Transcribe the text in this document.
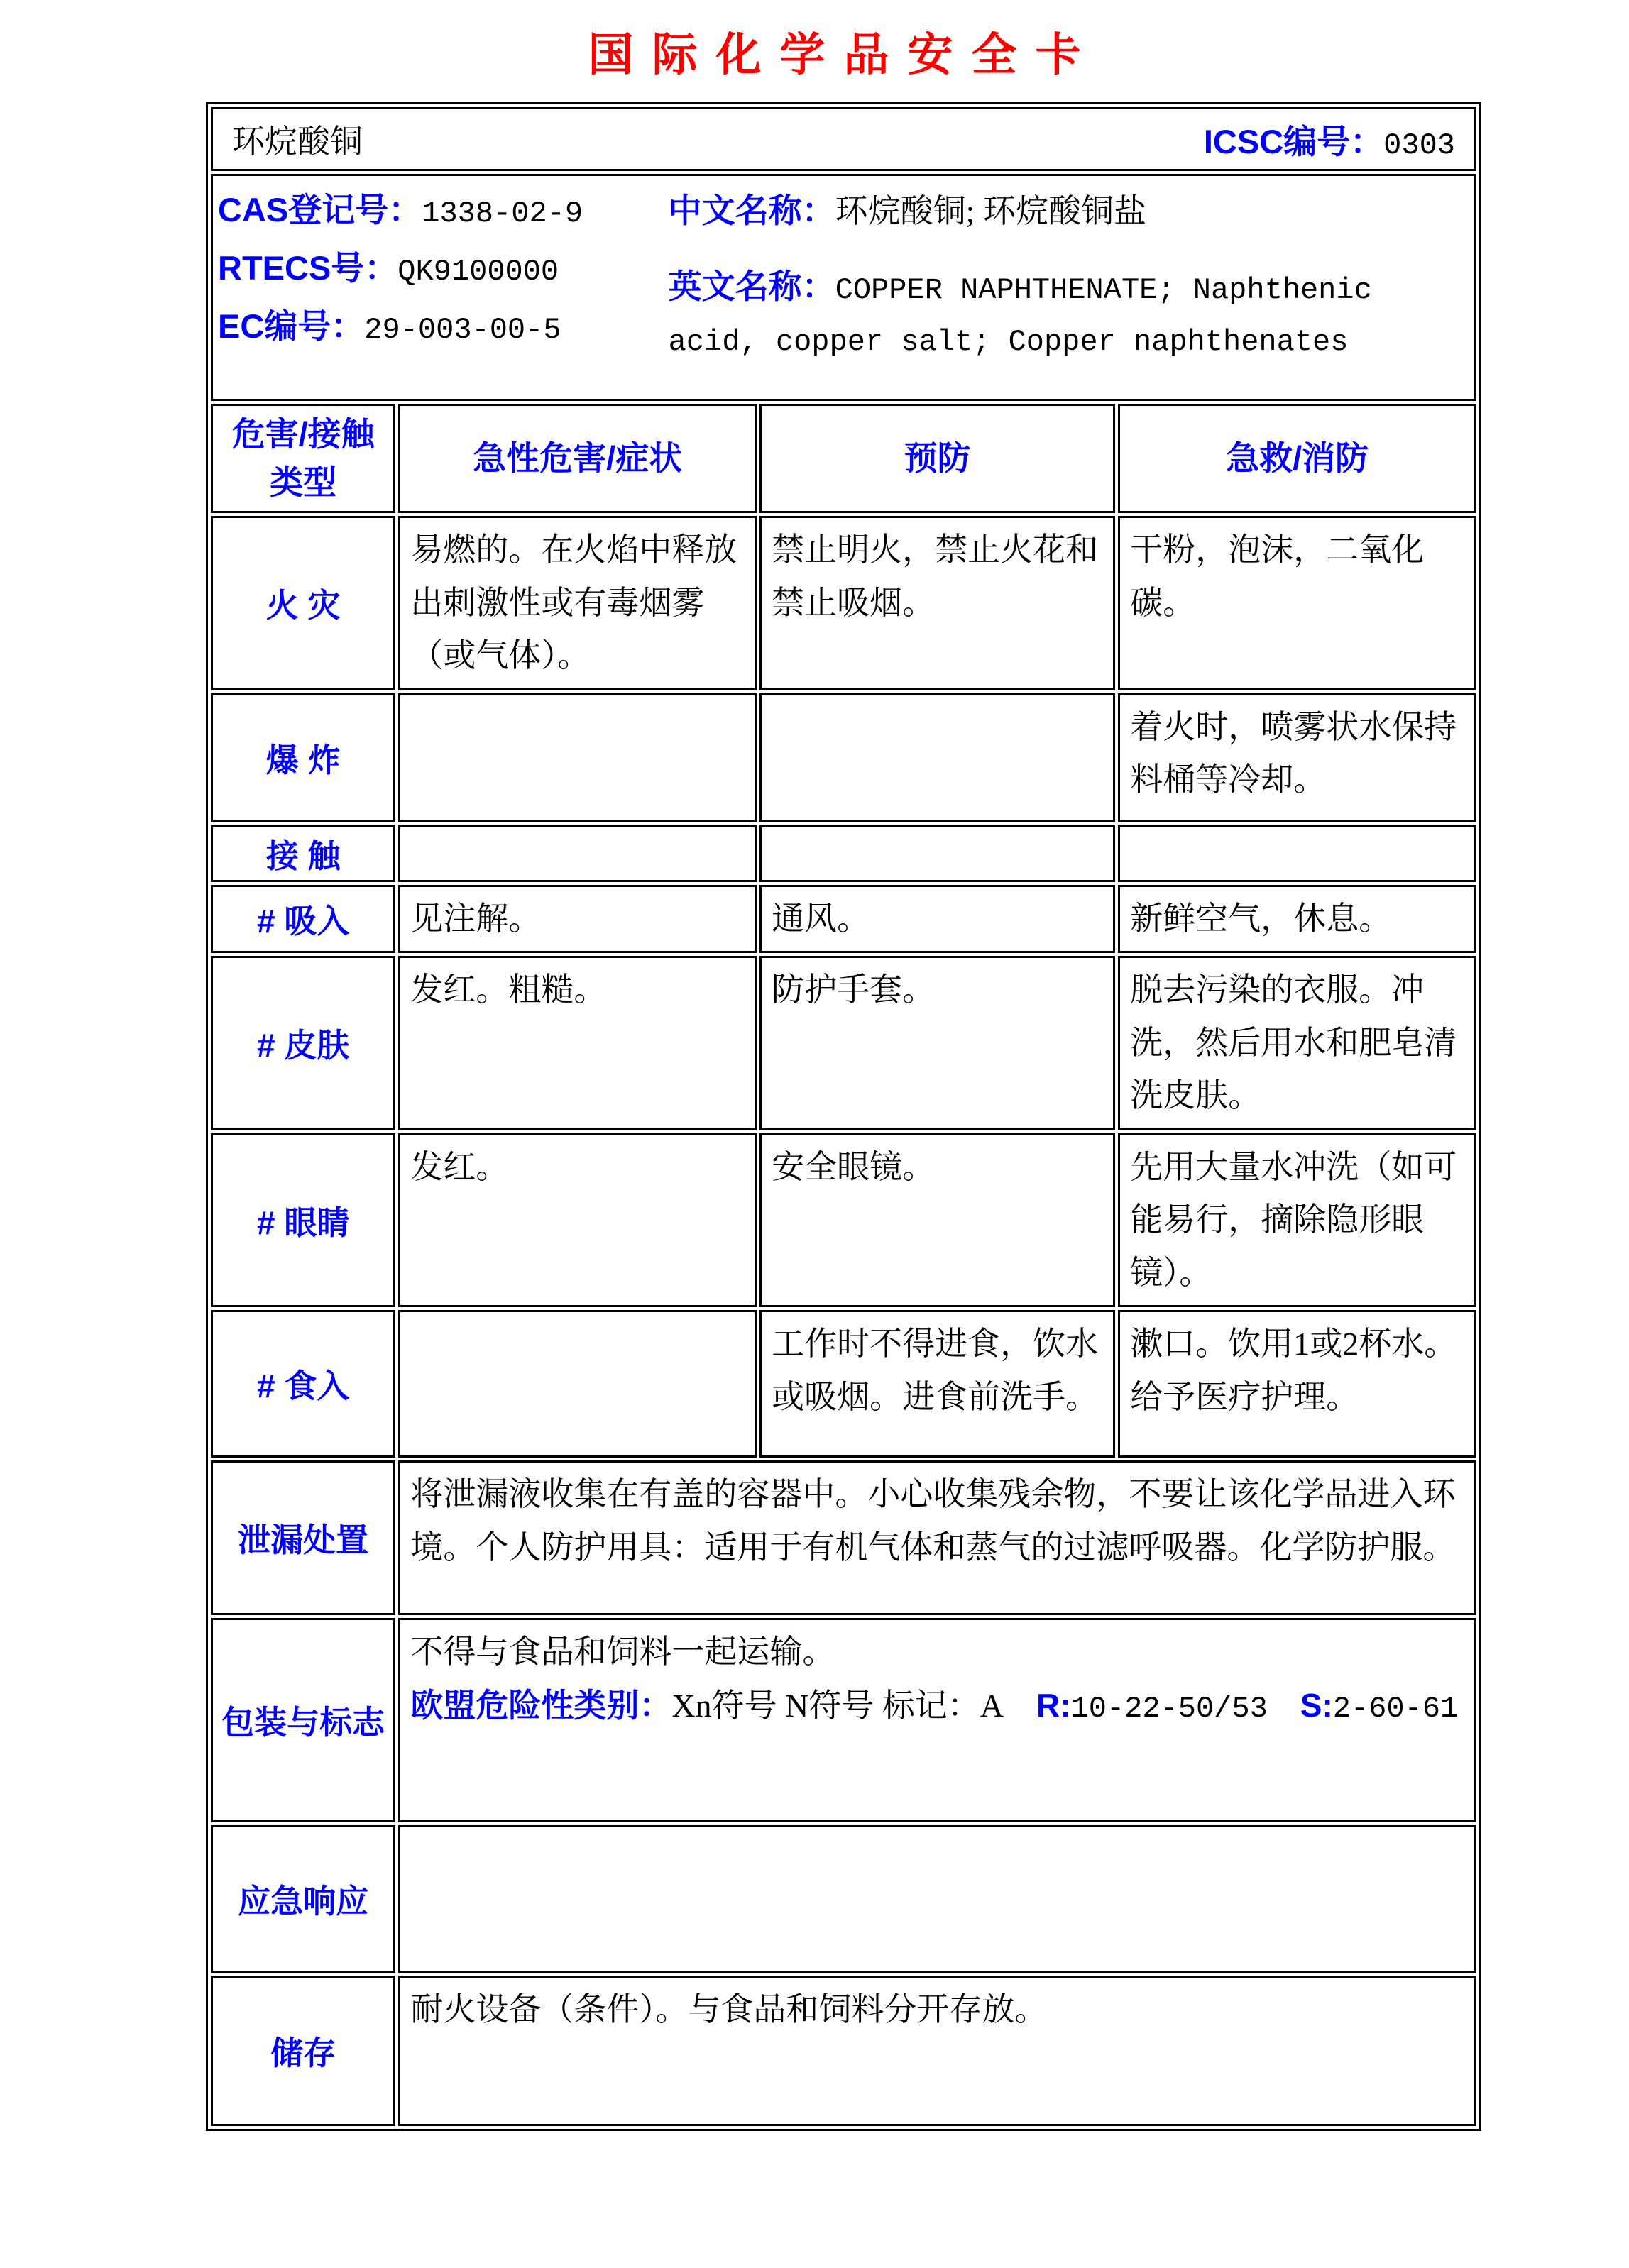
国际化学品安全卡
环烷酸铜 ICSC编号：0303			

CAS登记号：1338-02-9
RTECS号：QK9100000
EC编号：29-003-00-5

中文名称：环烷酸铜; 环烷酸铜盐

英文名称：COPPER NAPHTHENATE; Naphthenic acid, copper salt; Copper naphthenates			

危害/接触类型	急性危害/症状	预防	急救/消防
火 灾	易燃的。在火焰中释放出刺激性或有毒烟雾（或气体）。	禁止明火，禁止火花和禁止吸烟。	干粉，泡沫，二氧化碳。
爆 炸			着火时，喷雾状水保持料桶等冷却。
接 触			
# 吸入	见注解。	通风。	新鲜空气，休息。
# 皮肤	发红。粗糙。	防护手套。	脱去污染的衣服。冲洗，然后用水和肥皂清洗皮肤。
# 眼睛	发红。	安全眼镜。	先用大量水冲洗（如可能易行，摘除隐形眼镜）。
# 食入		工作时不得进食，饮水或吸烟。进食前洗手。	漱口。饮用1或2杯水。给予医疗护理。
泄漏处置	将泄漏液收集在有盖的容器中。小心收集残余物，不要让该化学品进入环境。个人防护用具：适用于有机气体和蒸气的过滤呼吸器。化学防护服。		
包装与标志	不得与食品和饲料一起运输。
欧盟危险性类别：Xn符号 N符号 标记：A R:10-22-50/53 S:2-60-61		

应急响应			
储存	耐火设备（条件）。与食品和饲料分开存放。		
